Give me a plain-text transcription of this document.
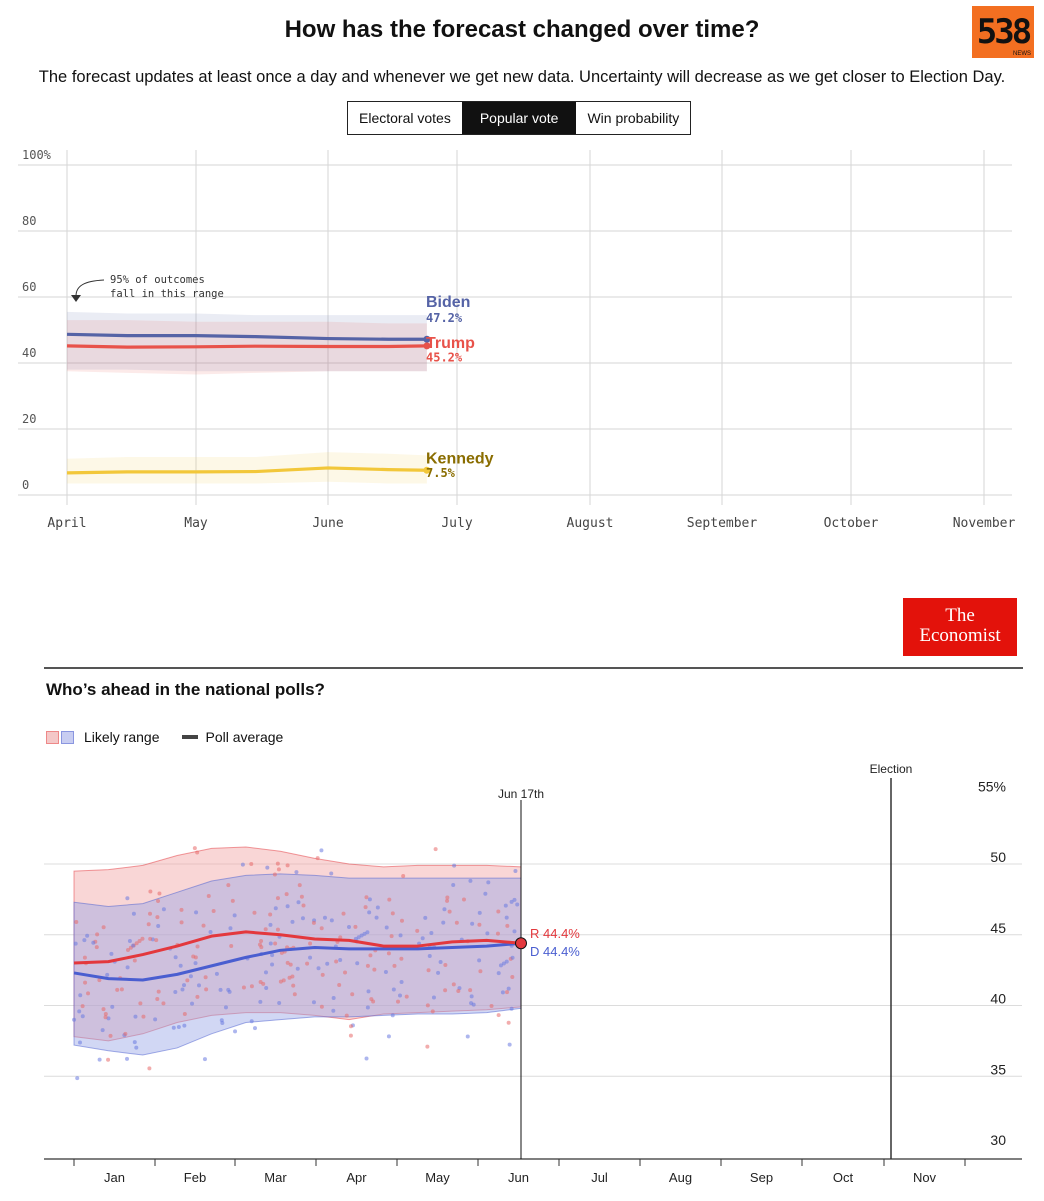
How has the forecast changed over time?	538
NEWS
The forecast updates at least once a day and whenever we get new data. Uncertainty will decrease as we get closer to Election Day.
Electoral votes	Popular vote	Win probability
100%
80
60
40
20
0
April	May	June	July	August	September	October	November
Biden
47.2%
Trump
45.2%
Kennedy
7.5%
95% of outcomes
fall in this range
The
Economist
Who’s ahead in the national polls?
Likely range	Poll average
55%
50
45
40
35
30
Jan	Feb	Mar	Apr	May	Jun	Jul	Aug	Sep	Oct	Nov
Jun 17th
Election
R 44.4%
D 44.4%
